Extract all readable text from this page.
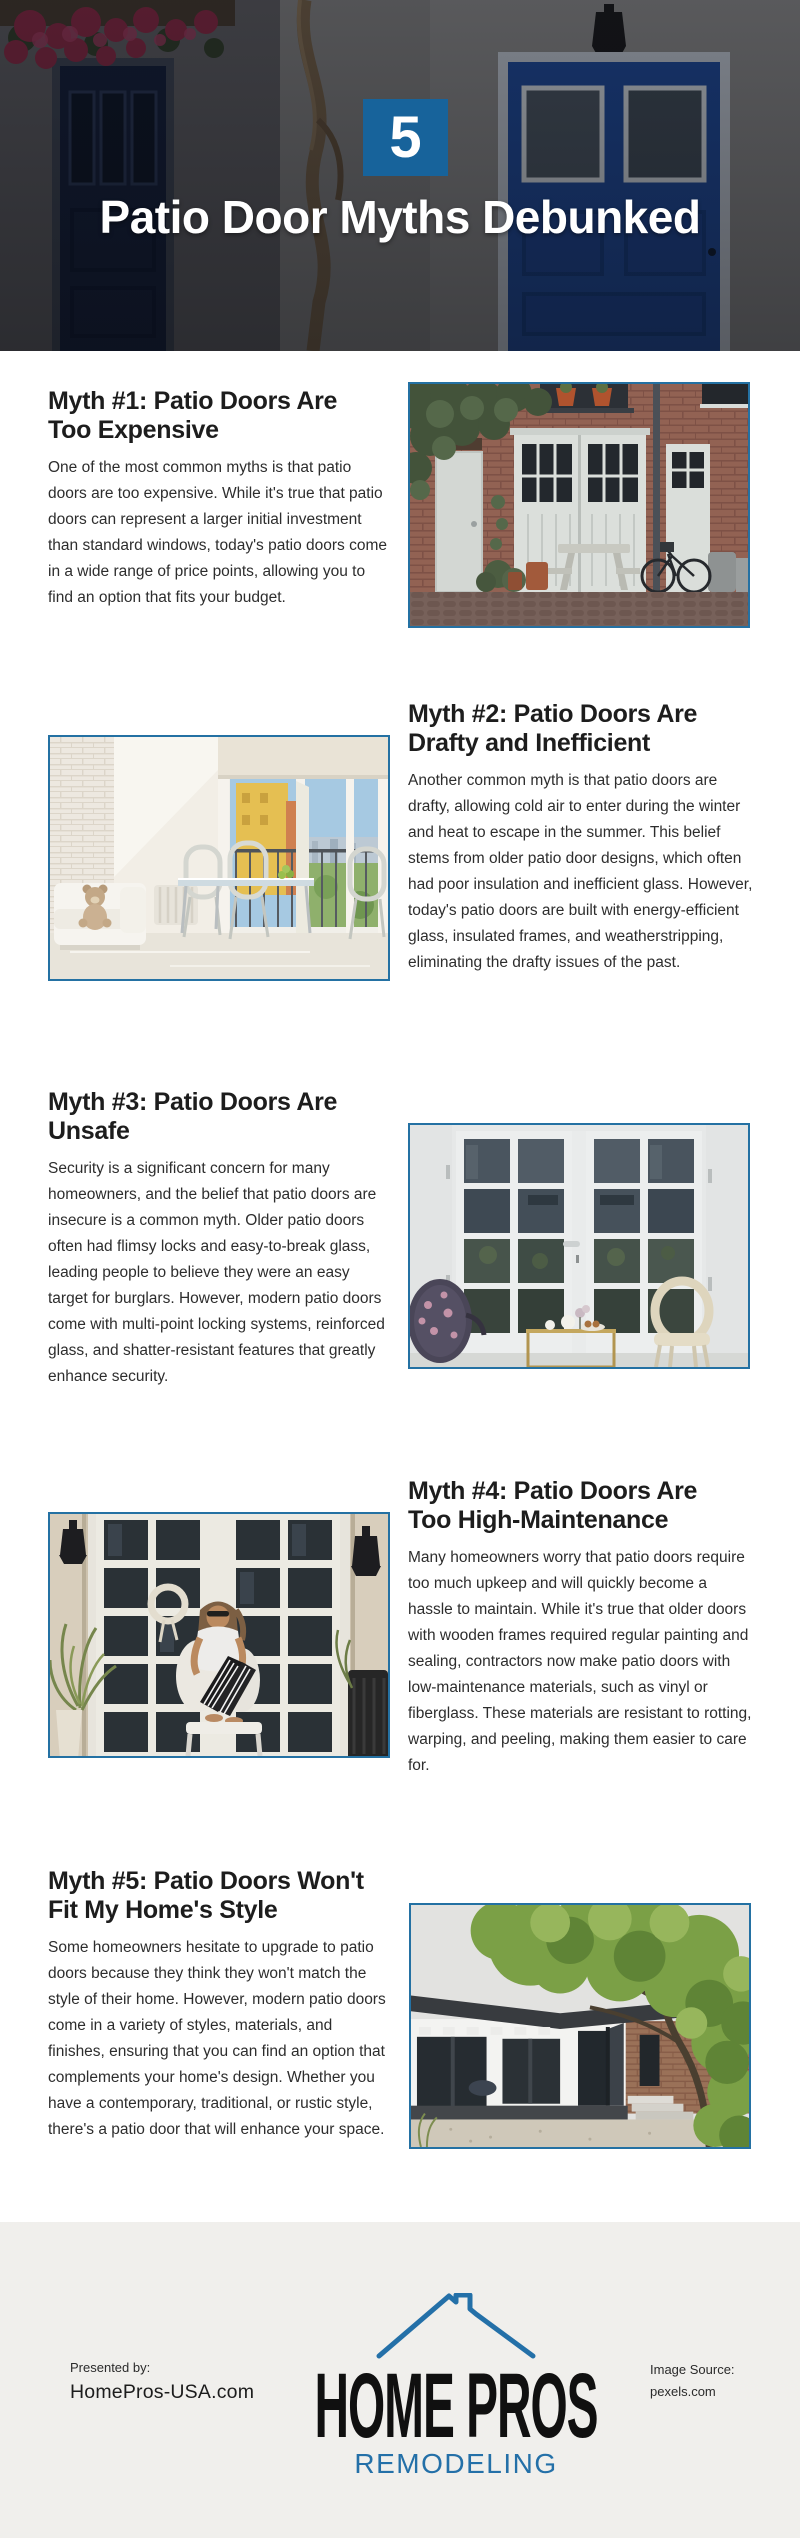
5
Patio Door Myths Debunked
Myth #1: Patio Doors Are
Too Expensive

One of the most common myths is that patio doors are too expensive. While it's true that patio doors can represent a larger initial investment than standard windows, today's patio doors come in a wide range of price points, allowing you to find an option that fits your budget.

Myth #2: Patio Doors Are
Drafty and Inefficient

Another common myth is that patio doors are drafty, allowing cold air to enter during the winter and heat to escape in the summer. This belief stems from older patio door designs, which often had poor insulation and inefficient glass. However, today's patio doors are built with energy-efficient glass, insulated frames, and weatherstripping, eliminating the drafty issues of the past.

Myth #3: Patio Doors Are
Unsafe

Security is a significant concern for many homeowners, and the belief that patio doors are insecure is a common myth. Older patio doors often had flimsy locks and easy-to-break glass, leading people to believe they were an easy target for burglars. However, modern patio doors come with multi-point locking systems, reinforced glass, and shatter-resistant features that greatly enhance security.

Myth #4: Patio Doors Are
Too High-Maintenance

Many homeowners worry that patio doors require too much upkeep and will quickly become a hassle to maintain. While it's true that older doors with wooden frames required regular painting and sealing, contractors now make patio doors with low-maintenance materials, such as vinyl or fiberglass. These materials are resistant to rotting, warping, and peeling, making them easier to care for.

Myth #5: Patio Doors Won't
Fit My Home's Style

Some homeowners hesitate to upgrade to patio doors because they think they won't match the style of their home. However, modern patio doors come in a variety of styles, materials, and finishes, ensuring that you can find an option that complements your home's design. Whether you have a contemporary, traditional, or rustic style, there's a patio door that will enhance your space.

Presented by:
HomePros-USA.com HOME PROS
REMODELING
Image Source:
pexels.com
